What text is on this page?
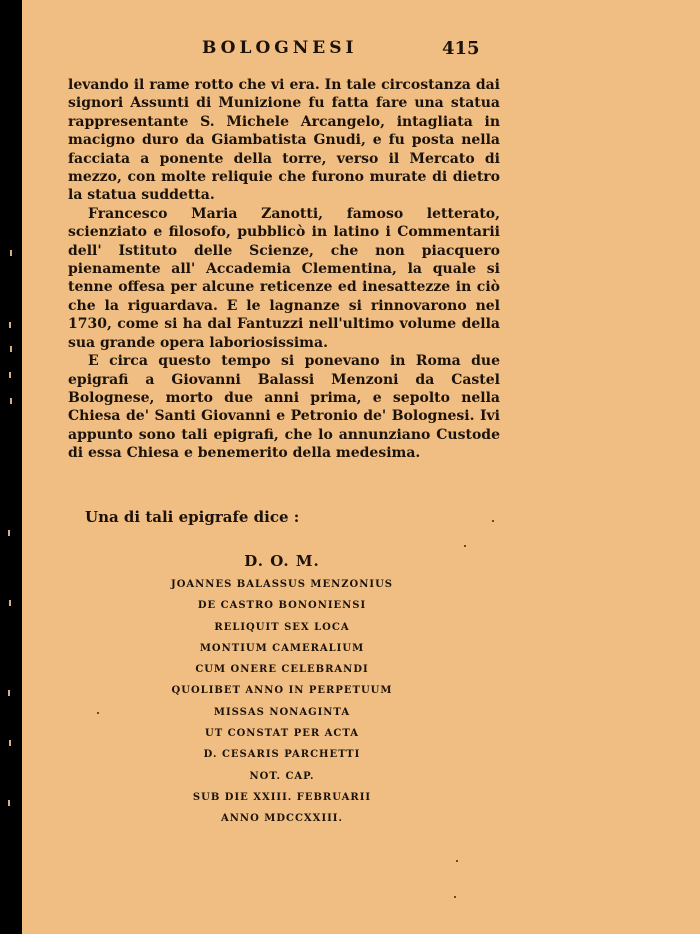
BOLOGNESI	415

levando il rame rotto che vi era. In tale circostanza dai signori Assunti di Munizione fu fatta fare una statua rappresentante S. Michele Arcangelo, intagliata in macigno duro da Giambatista Gnudi, e fu posta nella facciata a ponente della torre, verso il Mercato di mezzo, con molte reliquie che furono murate di dietro la statua suddetta.

Francesco Maria Zanotti, famoso letterato, scienziato e filosofo, pubblicò in latino i Commentarii dell' Istituto delle Scienze, che non piacquero pienamente all' Accademia Clementina, la quale si tenne offesa per alcune reticenze ed inesattezze in ciò che la riguardava. E le lagnanze si rinnovarono nel 1730, come si ha dal Fantuzzi nell'ultimo volume della sua grande opera laboriosissima.

E circa questo tempo si ponevano in Roma due epigrafi a Giovanni Balassi Menzoni da Castel Bolognese, morto due anni prima, e sepolto nella Chiesa de' Santi Giovanni e Petronio de' Bolognesi. Ivi appunto sono tali epigrafi, che lo annunziano Custode di essa Chiesa e benemerito della medesima.

Una di tali epigrafe dice :
D. O. M.
JOANNES BALASSUS MENZONIUS
DE CASTRO BONONIENSI
RELIQUIT SEX LOCA
MONTIUM CAMERALIUM
CUM ONERE CELEBRANDI
QUOLIBET ANNO IN PERPETUUM
MISSAS NONAGINTA
UT CONSTAT PER ACTA
D. CESARIS PARCHETTI
NOT. CAP.
SUB DIE XXIII. FEBRUARII
ANNO MDCCXXIII.
